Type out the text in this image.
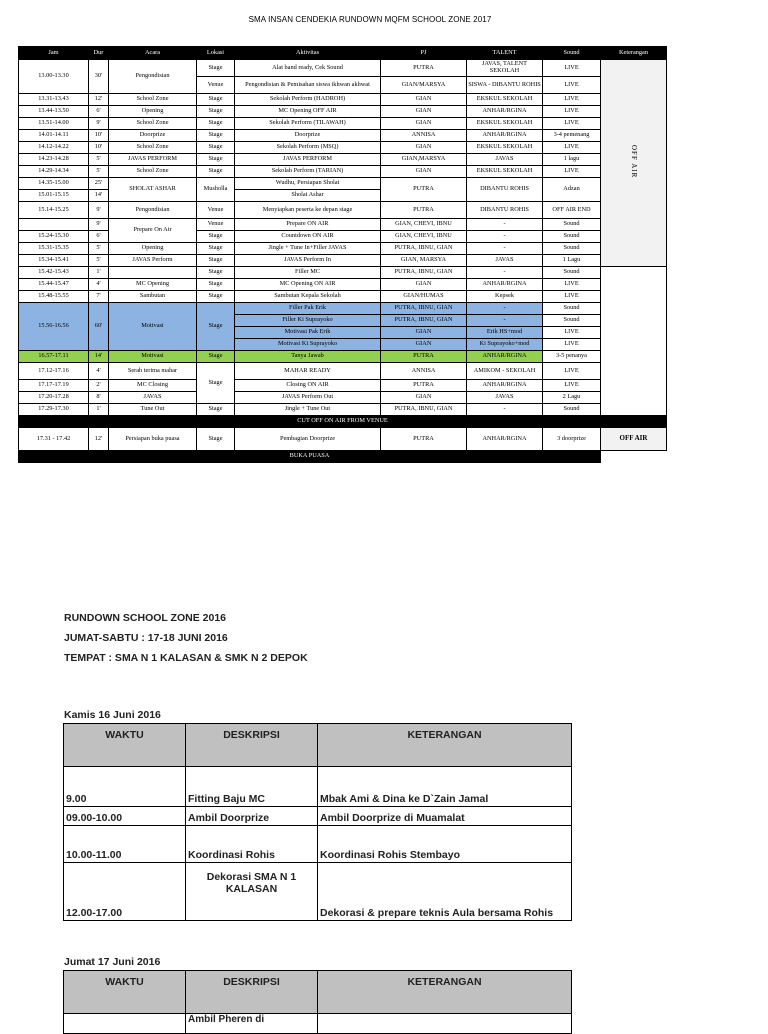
SMA INSAN CENDEKIA RUNDOWN MQFM SCHOOL ZONE 2017
Jam	Dur	Acara	Lokasi	Aktivitas	PJ	TALENT	Sound	Keterangan	
13.00-13.30	30'	Pengondisian	Stage	Alat band ready, Cek Sound	PUTRA	JAVAS, TALENT SEKOLAH	LIVE	OFF AIR	
			Venue	Pengondisian & Pemisahan siswa ikhwan akhwat	GIAN/MARSYA	SISWA - DIBANTU ROHIS	LIVE		
13.31-13.43	12'	School Zone	Stage	Sekolah Perform (HADROH)	GIAN	EKSKUL SEKOLAH	LIVE		
13.44-13.50	6'	Opening	Stage	MC Opening OFF AIR	GIAN	ANHAR/RGINA	LIVE		
13.51-14.00	9'	School Zone	Stage	Sekolah Perform (TILAWAH)	GIAN	EKSKUL SEKOLAH	LIVE		
14.01-14.11	10'	Doorprize	Stage	Doorprize	ANNISA	ANHAR/RGINA	3-4 pemenang		
14.12-14.22	10'	School Zone	Stage	Sekolah Perform (MSQ)	GIAN	EKSKUL SEKOLAH	LIVE		
14.23-14.28	5'	JAVAS PERFORM	Stage	JAVAS PERFORM	GIAN,MARSYA	JAVAS	1 lagu		
14.29-14.34	5'	School Zone	Stage	Sekolah Perform (TARIAN)	GIAN	EKSKUL SEKOLAH	LIVE		
14.35-15.00	25'	SHOLAT ASHAR	Musholla	Wudhu, Persiapan Sholat	PUTRA	DIBANTU ROHIS	Adzan		
15.01-15.15	14'			Sholat Ashar					
15.14-15.25	9'	Pengondisian	Venue	Menyiapkan peserta ke depan stage	PUTRA	DIBANTU ROHIS	OFF AIR END		
	9'	Prepare On Air	Venue	Prepare ON AIR	GIAN, CHEVI, IBNU	-	Sound		
15.24-15.30	6'		Stage	Countdown ON AIR	GIAN, CHEVI, IBNU	-	Sound		
15.31-15.35	5'	Opening	Stage	Jingle + Tune In+Filler JAVAS	PUTRA, IBNU, GIAN	-	Sound		
15.34-15.41	5'	JAVAS Perform	Stage	JAVAS Perform In	GIAN, MARSYA	JAVAS	1 Lagu	
15.42-15.43	1'		Stage	Filler MC	PUTRA, IBNU, GIAN	-	Sound		
15.44-15.47	4'	MC Opening	Stage	MC Opening ON AIR	GIAN	ANHAR/RGINA	LIVE		
15.48-15.55	7'	Sambutan	Stage	Sambutan Kepala Sekolah	GIAN/HUMAS	Kepsek	LIVE		
15.56-16.56	60'	Motivasi	Stage	Filler Pak Erik	PUTRA, IBNU, GIAN	-	Sound		
				Filler Ki Suprayoko	PUTRA, IBNU, GIAN	-	Sound		
				Motivasi Pak Erik	GIAN	Erik HS+mod	LIVE		
				Motivasi Ki Suprayoko	GIAN	Ki Suprayoko+mod	LIVE		
16.57-17.11	14'	Motivasi	Stage	Tanya Jawab	PUTRA	ANHAR/RGINA	3-5 penanya		
17.12-17.16	4'	Serah terima mahar	Stage	MAHAR READY	ANNISA	AMIKOM - SEKOLAH	LIVE		
17.17-17.19	2'	MC Closing		Closing ON AIR	PUTRA	ANHAR/RGINA	LIVE		
17.20-17.28	8'	JAVAS		JAVAS Perform Out	GIAN	JAVAS	2 Lagu		
17.29-17.30	1'	Tune Out	Stage	Jingle + Tune Out	PUTRA, IBNU, GIAN	-	Sound		
CUT OFF ON AIR FROM VENUE									
17.31 - 17.42	12'	Persiapan buka puasa	Stage	Pembagian Doorprize	PUTRA	ANHAR/RGINA	3 doorprize	OFF AIR	
BUKA PUASA									
RUNDOWN SCHOOL ZONE 2016
JUMAT-SABTU : 17-18 JUNI 2016
TEMPAT : SMA N 1 KALASAN & SMK N 2 DEPOK
Kamis 16 Juni 2016
WAKTU	DESKRIPSI	KETERANGAN
9.00	Fitting Baju MC	Mbak Ami & Dina ke D`Zain Jamal
09.00-10.00	Ambil Doorprize	Ambil Doorprize di Muamalat
10.00-11.00	Koordinasi Rohis	Koordinasi Rohis Stembayo
12.00-17.00	Dekorasi SMA N 1 KALASAN	Dekorasi & prepare teknis Aula bersama Rohis
Jumat 17 Juni 2016
WAKTU	DESKRIPSI	KETERANGAN
	Ambil Pheren di	
